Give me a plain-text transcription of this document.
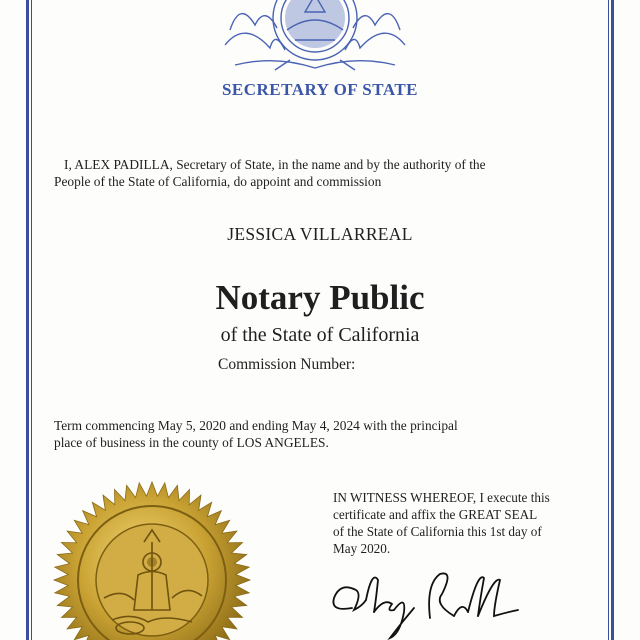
SECRETARY OF STATE
I, ALEX PADILLA, Secretary of State, in the name and by the authority of the
People of the State of California, do appoint and commission
JESSICA VILLARREAL
Notary Public
of the State of California
Commission Number:
Term commencing May 5, 2020 and ending May 4, 2024 with the principal
place of business in the county of LOS ANGELES.
IN WITNESS WHEREOF, I execute this
certificate and affix the GREAT SEAL
of the State of California this 1st day of
May 2020.
